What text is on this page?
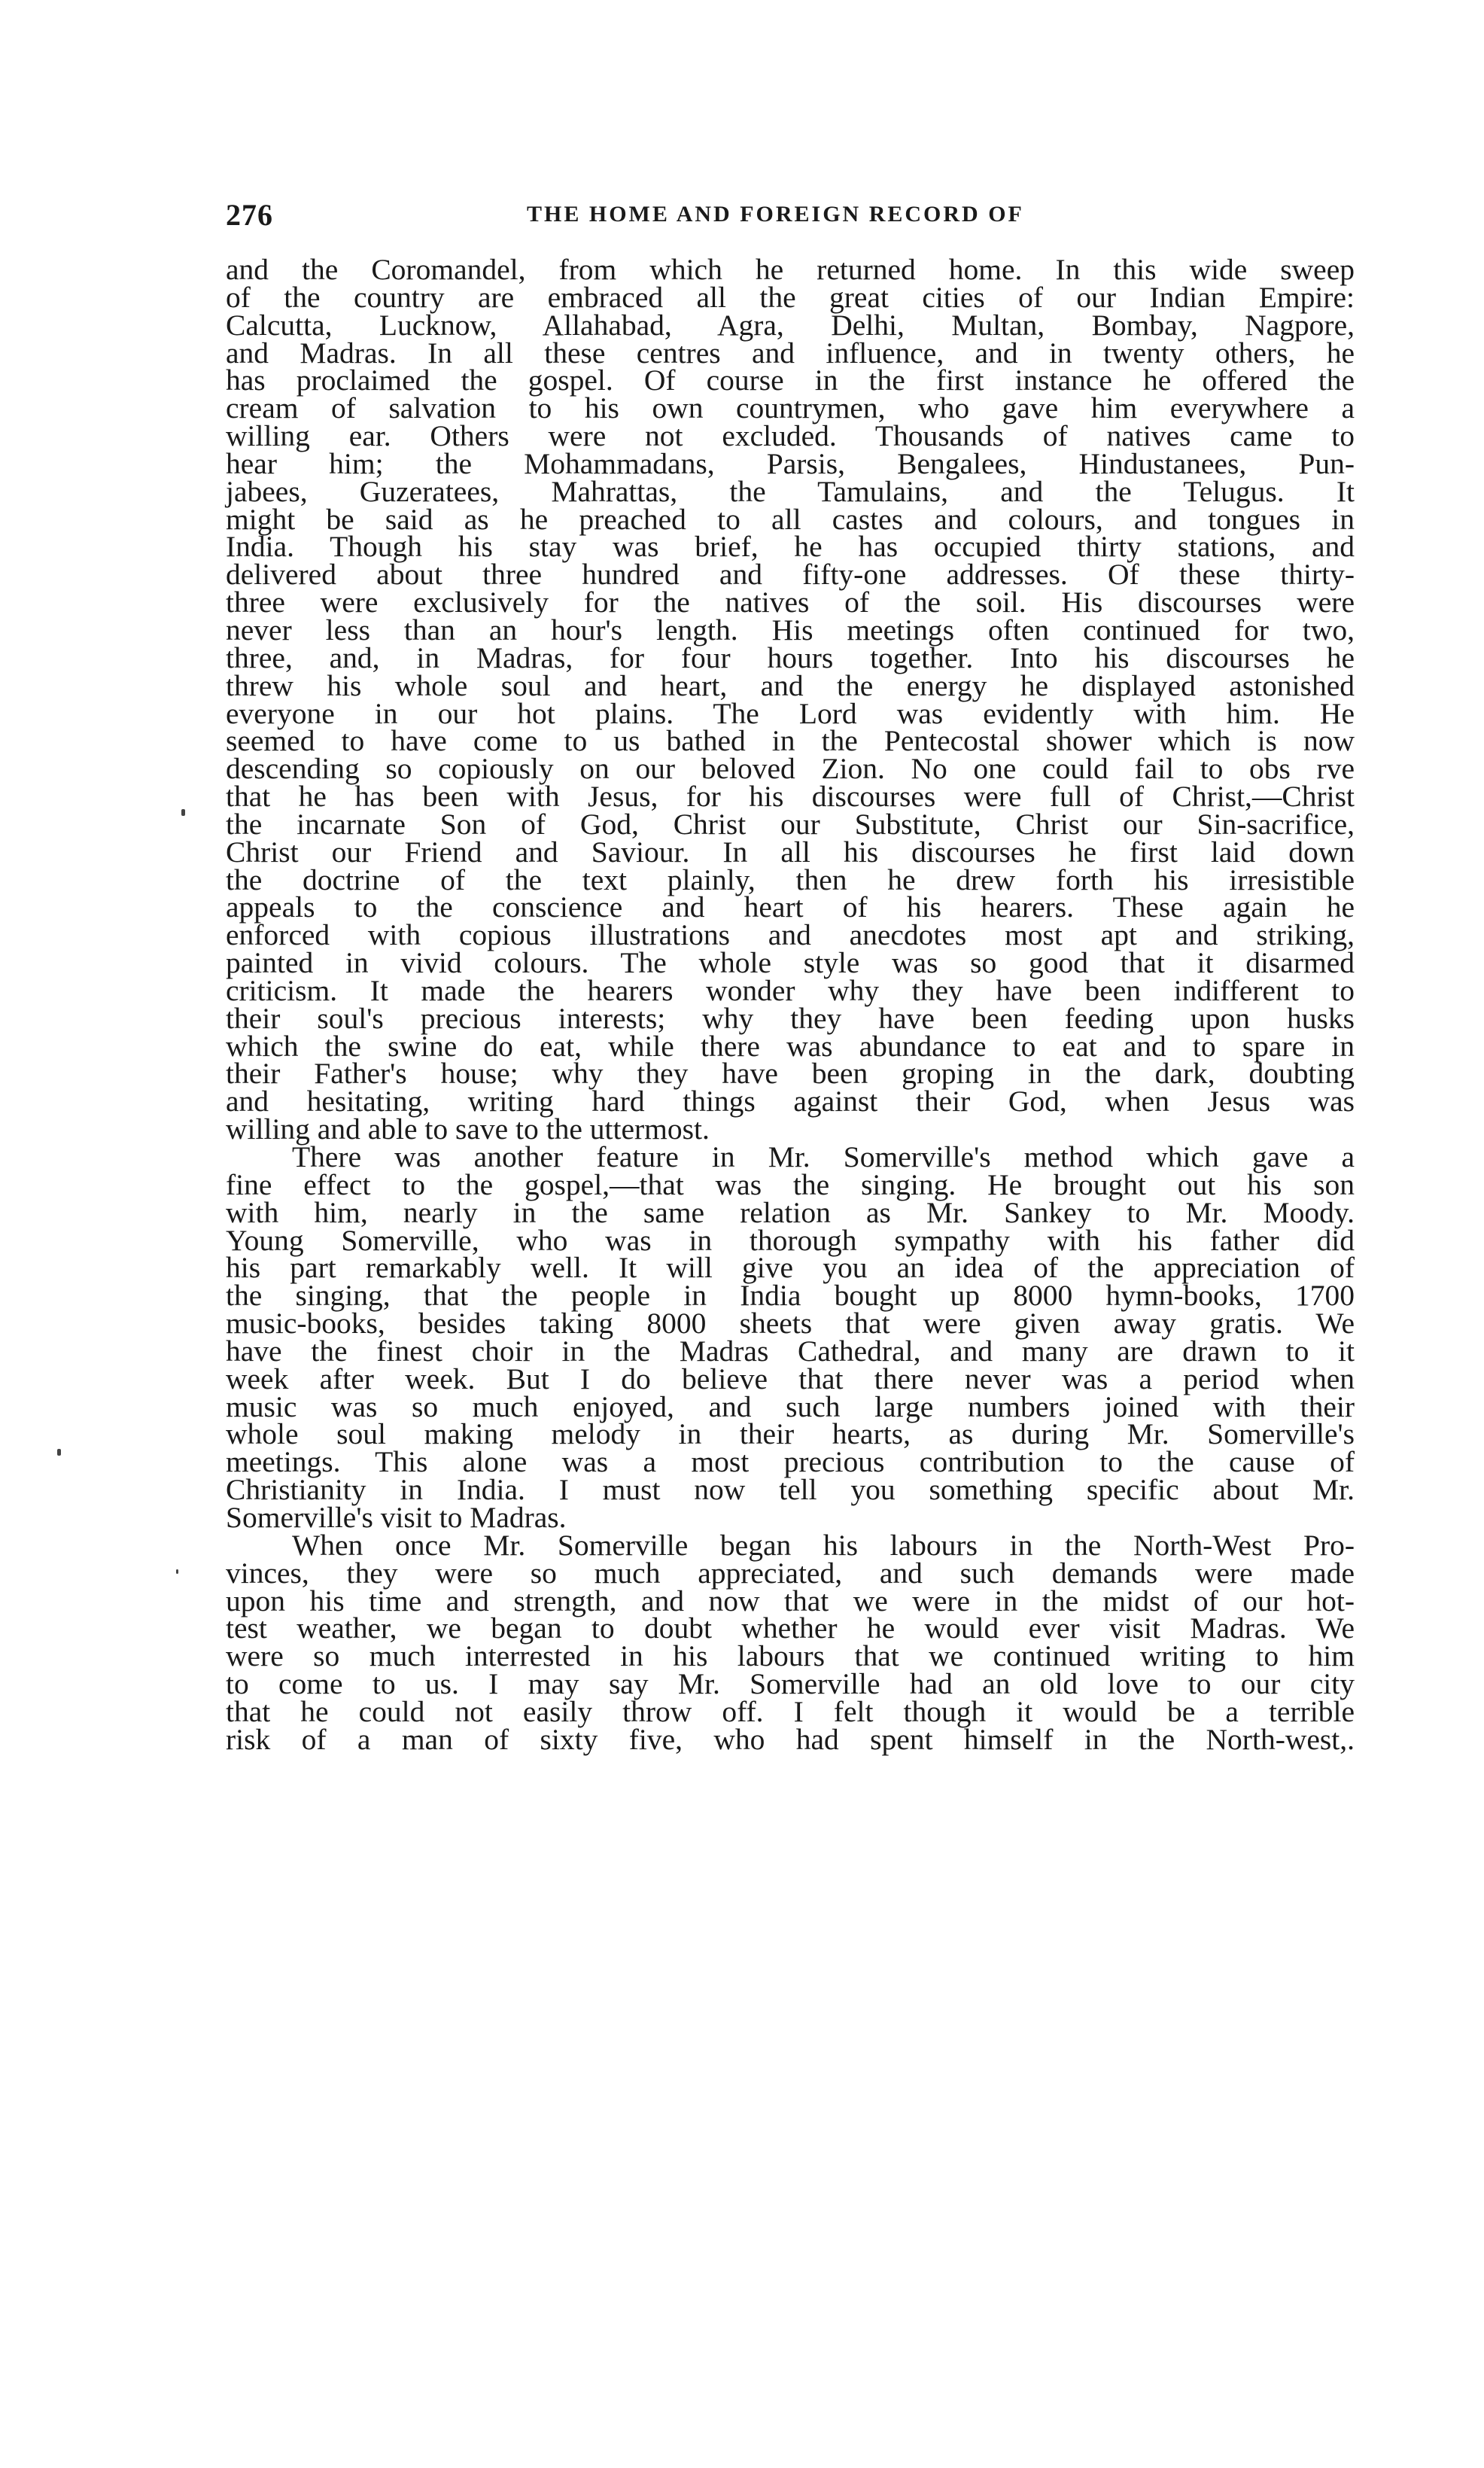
276	THE HOME AND FOREIGN RECORD OF
and the Coromandel, from which he returned home. In this wide sweep
of the country are embraced all the great cities of our Indian Empire:
Calcutta, Lucknow, Allahabad, Agra, Delhi, Multan, Bombay, Nagpore,
and Madras. In all these centres and influence, and in twenty others, he
has proclaimed the gospel. Of course in the first instance he offered the
cream of salvation to his own countrymen, who gave him everywhere a
willing ear. Others were not excluded. Thousands of natives came to
hear him; the Mohammadans, Parsis, Bengalees, Hindustanees, Pun-
jabees, Guzeratees, Mahrattas, the Tamulains, and the Telugus. It
might be said as he preached to all castes and colours, and tongues in
India. Though his stay was brief, he has occupied thirty stations, and
delivered about three hundred and fifty-one addresses. Of these thirty-
three were exclusively for the natives of the soil. His discourses were
never less than an hour's length. His meetings often continued for two,
three, and, in Madras, for four hours together. Into his discourses he
threw his whole soul and heart, and the energy he displayed astonished
everyone in our hot plains. The Lord was evidently with him. He
seemed to have come to us bathed in the Pentecostal shower which is now
descending so copiously on our beloved Zion. No one could fail to obs rve
that he has been with Jesus, for his discourses were full of Christ,—Christ
the incarnate Son of God, Christ our Substitute, Christ our Sin-sacrifice,
Christ our Friend and Saviour. In all his discourses he first laid down
the doctrine of the text plainly, then he drew forth his irresistible
appeals to the conscience and heart of his hearers. These again he
enforced with copious illustrations and anecdotes most apt and striking,
painted in vivid colours. The whole style was so good that it disarmed
criticism. It made the hearers wonder why they have been indifferent to
their soul's precious interests; why they have been feeding upon husks
which the swine do eat, while there was abundance to eat and to spare in
their Father's house; why they have been groping in the dark, doubting
and hesitating, writing hard things against their God, when Jesus was
willing and able to save to the uttermost.
There was another feature in Mr. Somerville's method which gave a
fine effect to the gospel,—that was the singing. He brought out his son
with him, nearly in the same relation as Mr. Sankey to Mr. Moody.
Young Somerville, who was in thorough sympathy with his father did
his part remarkably well. It will give you an idea of the appreciation of
the singing, that the people in India bought up 8000 hymn-books, 1700
music-books, besides taking 8000 sheets that were given away gratis. We
have the finest choir in the Madras Cathedral, and many are drawn to it
week after week. But I do believe that there never was a period when
music was so much enjoyed, and such large numbers joined with their
whole soul making melody in their hearts, as during Mr. Somerville's
meetings. This alone was a most precious contribution to the cause of
Christianity in India. I must now tell you something specific about Mr.
Somerville's visit to Madras.
When once Mr. Somerville began his labours in the North-West Pro-
vinces, they were so much appreciated, and such demands were made
upon his time and strength, and now that we were in the midst of our hot-
test weather, we began to doubt whether he would ever visit Madras. We
were so much interrested in his labours that we continued writing to him
to come to us. I may say Mr. Somerville had an old love to our city
that he could not easily throw off. I felt though it would be a terrible
risk of a man of sixty five, who had spent himself in the North-west,.
